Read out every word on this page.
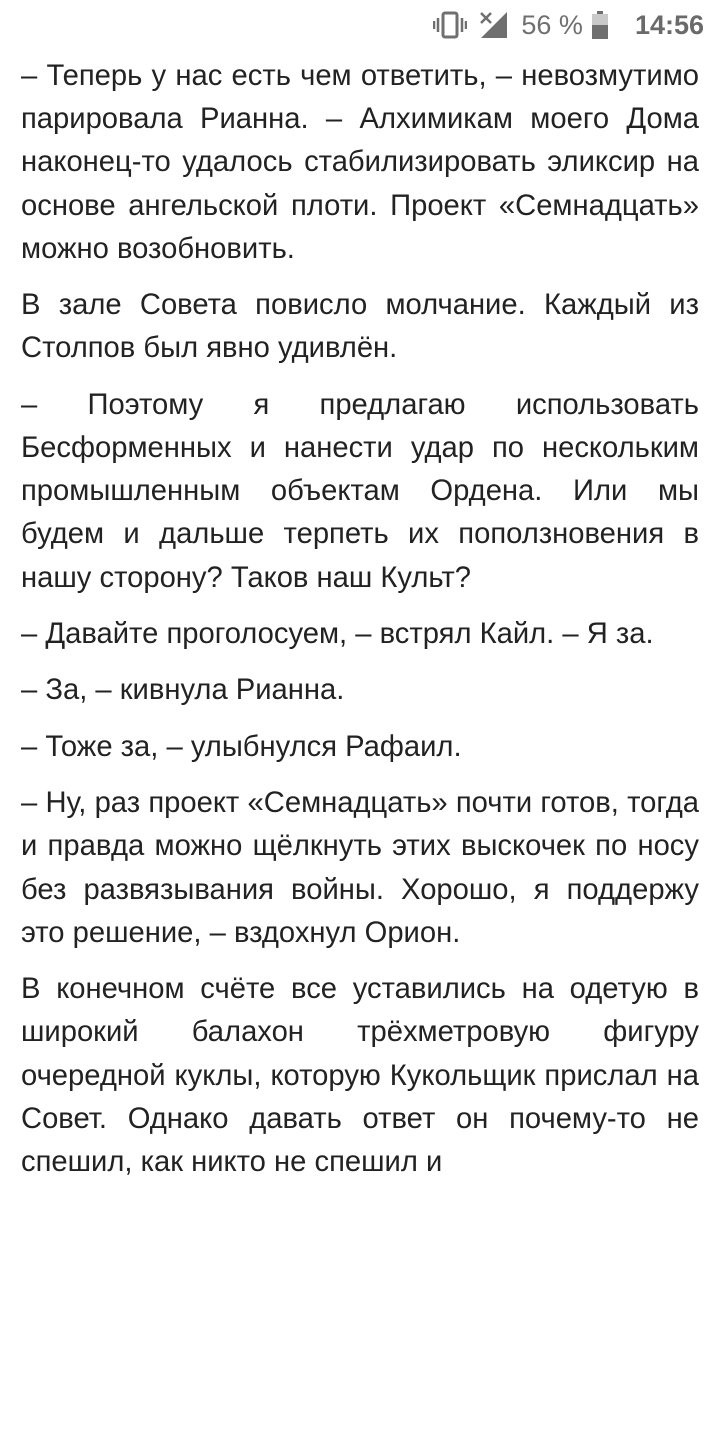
56 % 14:56

– Теперь у нас есть чем ответить, – невозмутимо парировала Рианна. – Алхимикам моего Дома наконец-то удалось стабилизировать эликсир на основе ангельской плоти. Проект «Семнадцать» можно возобновить.

В зале Совета повисло молчание. Каждый из Столпов был явно удивлён.

– Поэтому я предлагаю использовать Бесформенных и нанести удар по нескольким промышленным объектам Ордена. Или мы будем и дальше терпеть их поползновения в нашу сторону? Таков наш Культ?

– Давайте проголосуем, – встрял Кайл. – Я за.

– За, – кивнула Рианна.

– Тоже за, – улыбнулся Рафаил.

– Ну, раз проект «Семнадцать» почти готов, тогда и правда можно щёлкнуть этих выскочек по носу без развязывания войны. Хорошо, я поддержу это решение, – вздохнул Орион.

В конечном счёте все уставились на одетую в широкий балахон трёхметровую фигуру очередной куклы, которую Кукольщик прислал на Совет. Однако давать ответ он почему-то не спешил, как никто не спешил и
